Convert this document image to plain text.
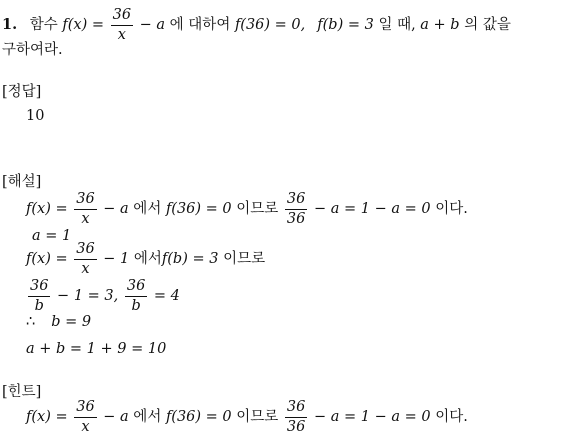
1. 함수 $f(x) = \frac{36}{x} - a$ 에 대하여 f(36) = 0, f(b) = 3 일 때, a + b 의 값을
구하여라.
[정답]
10
[해설]
$f(x) = \frac{36}{x} - a$ 에서 f(36) = 0 이므로 $\frac{36}{36} - a = 1 - a = 0$ 이다.
a = 1
$f(x) = \frac{36}{x} - 1$ 에서f(b) = 3 이므로
$\frac{36}{b} - 1 = 3$, $\frac{36}{b} = 4$
∴ b = 9
a + b = 1 + 9 = 10
[힌트]
$f(x) = \frac{36}{x} - a$ 에서 f(36) = 0 이므로 $\frac{36}{36} - a = 1 - a = 0$ 이다.
